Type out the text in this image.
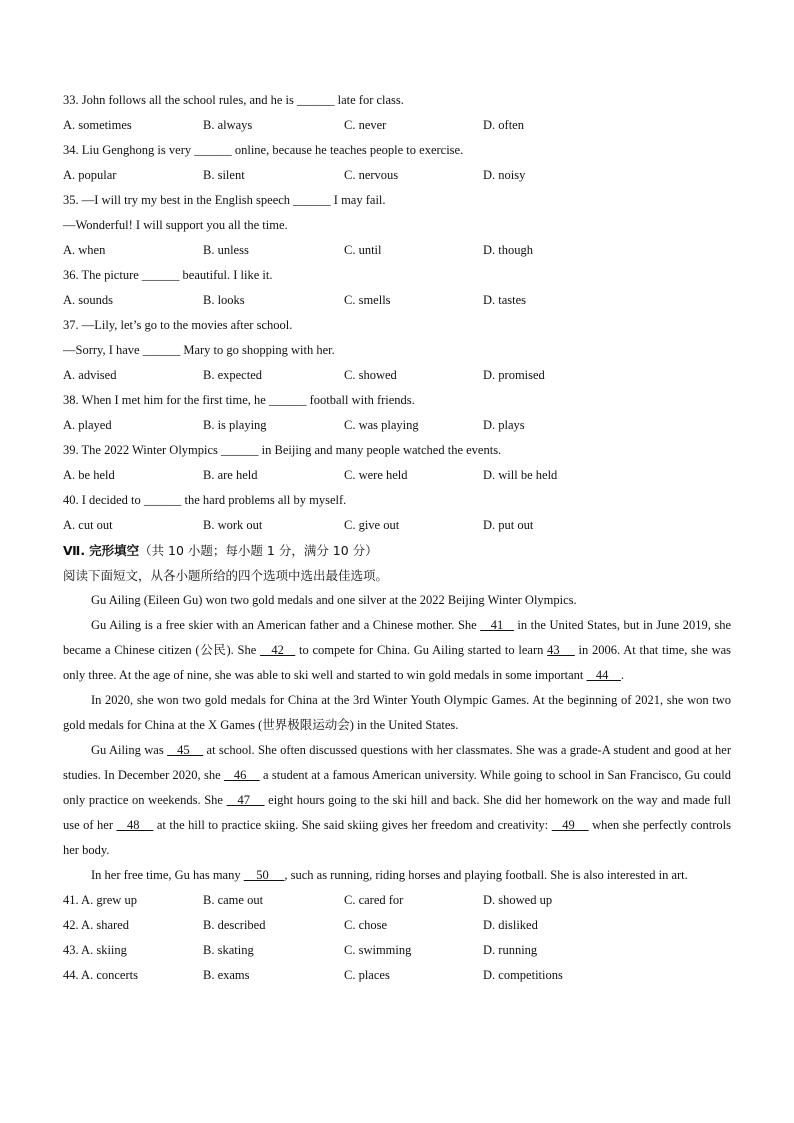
33. John follows all the school rules, and he is ______ late for class.
A. sometimes	B. always	C. never	D. often
34. Liu Genghong is very ______ online, because he teaches people to exercise.
A. popular	B. silent	C. nervous	D. noisy
35. —I will try my best in the English speech ______ I may fail.
—Wonderful! I will support you all the time.
A. when	B. unless	C. until	D. though
36. The picture ______ beautiful. I like it.
A. sounds	B. looks	C. smells	D. tastes
37. —Lily, let’s go to the movies after school.
—Sorry, I have ______ Mary to go shopping with her.
A. advised	B. expected	C. showed	D. promised
38. When I met him for the first time, he ______ football with friends.
A. played	B. is playing	C. was playing	D. plays
39. The 2022 Winter Olympics ______ in Beijing and many people watched the events.
A. be held	B. are held	C. were held	D. will be held
40. I decided to ______ the hard problems all by myself.
A. cut out	B. work out	C. give out	D. put out
Ⅶ. 完形填空（共 10 小题；每小题 1 分，满分 10 分）
阅读下面短文，从各小题所给的四个选项中选出最佳选项。

Gu Ailing (Eileen Gu) won two gold medals and one silver at the 2022 Beijing Winter Olympics.

Gu Ailing is a free skier with an American father and a Chinese mother. She    41    in the United States, but in June 2019, she became a Chinese citizen (公民). She    42    to compete for China. Gu Ailing started to learn 43     in 2006. At that time, she was only three. At the age of nine, she was able to ski well and started to win gold medals in some important    44    .

In 2020, she won two gold medals for China at the 3rd Winter Youth Olympic Games. At the beginning of 2021, she won two gold medals for China at the X Games (世界极限运动会) in the United States.

Gu Ailing was    45     at school. She often discussed questions with her classmates. She was a grade-A student and good at her studies. In December 2020, she    46     a student at a famous American university. While going to school in San Francisco, Gu could only practice on weekends. She    47     eight hours going to the ski hill and back. She did her homework on the way and made full use of her    48     at the hill to practice skiing. She said skiing gives her freedom and creativity:    49     when she perfectly controls her body.

In her free time, Gu has many     50     , such as running, riding horses and playing football. She is also interested in art.

41. A. grew up	B. came out	C. cared for	D. showed up
42. A. shared	B. described	C. chose	D. disliked
43. A. skiing	B. skating	C. swimming	D. running
44. A. concerts	B. exams	C. places	D. competitions
